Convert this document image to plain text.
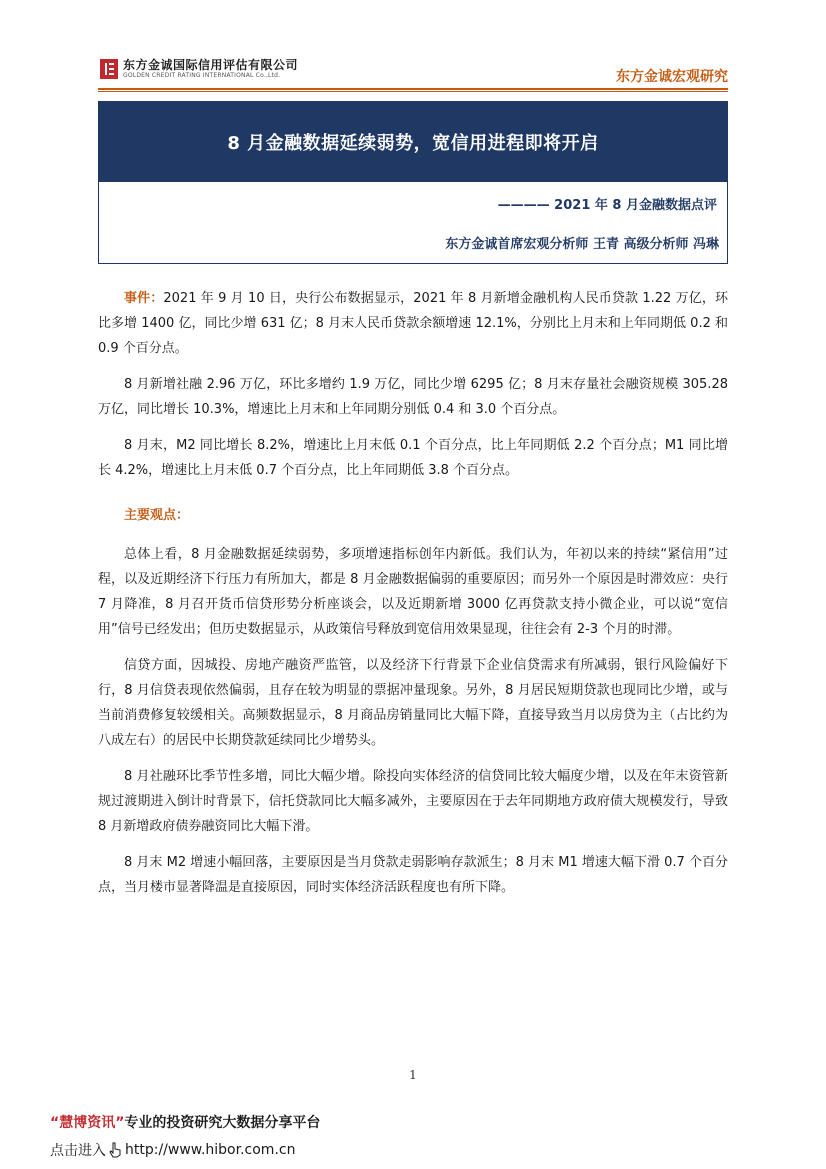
东方金诚国际信用评估有限公司
GOLDEN CREDIT RATING INTERNATIONAL Co.,Ltd.	东方金诚宏观研究
8 月金融数据延续弱势，宽信用进程即将开启
———— 2021 年 8 月金融数据点评
东方金诚首席宏观分析师 王青 高级分析师 冯琳

事件：2021 年 9 月 10 日，央行公布数据显示，2021 年 8 月新增金融机构人民币贷款 1.22 万亿，环比多增 1400 亿，同比少增 631 亿；8 月末人民币贷款余额增速 12.1%，分别比上月末和上年同期低 0.2 和 0.9 个百分点。

8 月新增社融 2.96 万亿，环比多增约 1.9 万亿，同比少增 6295 亿；8 月末存量社会融资规模 305.28 万亿，同比增长 10.3%，增速比上月末和上年同期分别低 0.4 和 3.0 个百分点。

8 月末，M2 同比增长 8.2%，增速比上月末低 0.1 个百分点，比上年同期低 2.2 个百分点；M1 同比增长 4.2%，增速比上月末低 0.7 个百分点，比上年同期低 3.8 个百分点。

主要观点：

总体上看，8 月金融数据延续弱势，多项增速指标创年内新低。我们认为，年初以来的持续“紧信用”过程，以及近期经济下行压力有所加大，都是 8 月金融数据偏弱的重要原因；而另外一个原因是时滞效应：央行 7 月降准，8 月召开货币信贷形势分析座谈会，以及近期新增 3000 亿再贷款支持小微企业，可以说“宽信用”信号已经发出；但历史数据显示，从政策信号释放到宽信用效果显现，往往会有 2-3 个月的时滞。

信贷方面，因城投、房地产融资严监管，以及经济下行背景下企业信贷需求有所减弱，银行风险偏好下行，8 月信贷表现依然偏弱，且存在较为明显的票据冲量现象。另外，8 月居民短期贷款也现同比少增，或与当前消费修复较缓相关。高频数据显示，8 月商品房销量同比大幅下降，直接导致当月以房贷为主（占比约为八成左右）的居民中长期贷款延续同比少增势头。

8 月社融环比季节性多增，同比大幅少增。除投向实体经济的信贷同比较大幅度少增，以及在年末资管新规过渡期进入倒计时背景下，信托贷款同比大幅多减外，主要原因在于去年同期地方政府债大规模发行，导致 8 月新增政府债券融资同比大幅下滑。

8 月末 M2 增速小幅回落，主要原因是当月贷款走弱影响存款派生；8 月末 M1 增速大幅下滑 0.7 个百分点，当月楼市显著降温是直接原因，同时实体经济活跃程度也有所下降。

1
“慧博资讯”专业的投资研究大数据分享平台
点击进入 http://www.hibor.com.cn
